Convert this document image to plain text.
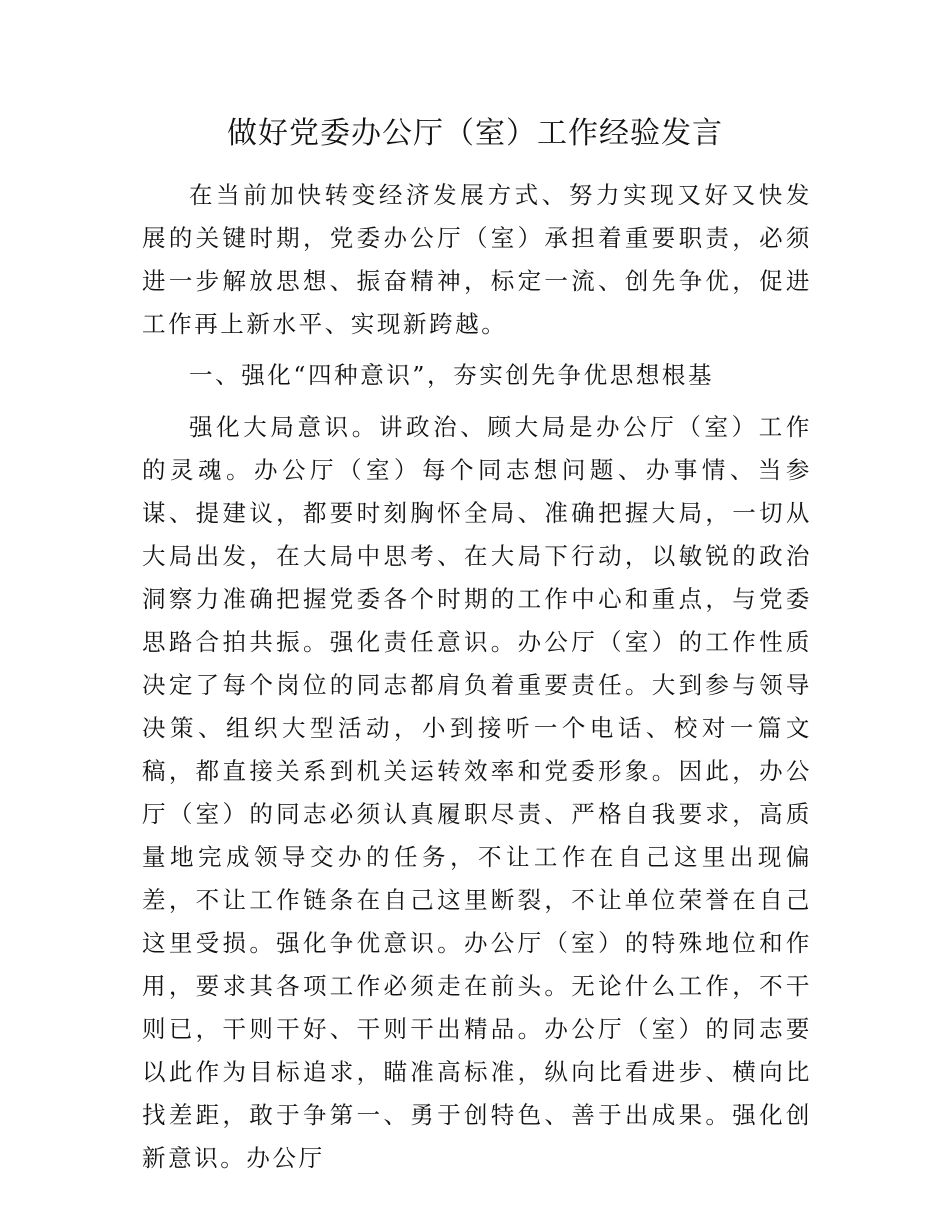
做好党委办公厅（室）工作经验发言

在当前加快转变经济发展方式、努力实现又好又快发展的关键时期，党委办公厅（室）承担着重要职责，必须进一步解放思想、振奋精神，标定一流、创先争优，促进工作再上新水平、实现新跨越。

一、强化“四种意识”，夯实创先争优思想根基

强化大局意识。讲政治、顾大局是办公厅（室）工作的灵魂。办公厅（室）每个同志想问题、办事情、当参谋、提建议，都要时刻胸怀全局、准确把握大局，一切从大局出发，在大局中思考、在大局下行动，以敏锐的政治洞察力准确把握党委各个时期的工作中心和重点，与党委思路合拍共振。强化责任意识。办公厅（室）的工作性质决定了每个岗位的同志都肩负着重要责任。大到参与领导决策、组织大型活动，小到接听一个电话、校对一篇文稿，都直接关系到机关运转效率和党委形象。因此，办公厅（室）的同志必须认真履职尽责、严格自我要求，高质量地完成领导交办的任务，不让工作在自己这里出现偏差，不让工作链条在自己这里断裂，不让单位荣誉在自己这里受损。强化争优意识。办公厅（室）的特殊地位和作用，要求其各项工作必须走在前头。无论什么工作，不干则已，干则干好、干则干出精品。办公厅（室）的同志要以此作为目标追求，瞄准高标准，纵向比看进步、横向比找差距，敢于争第一、勇于创特色、善于出成果。强化创新意识。办公厅
